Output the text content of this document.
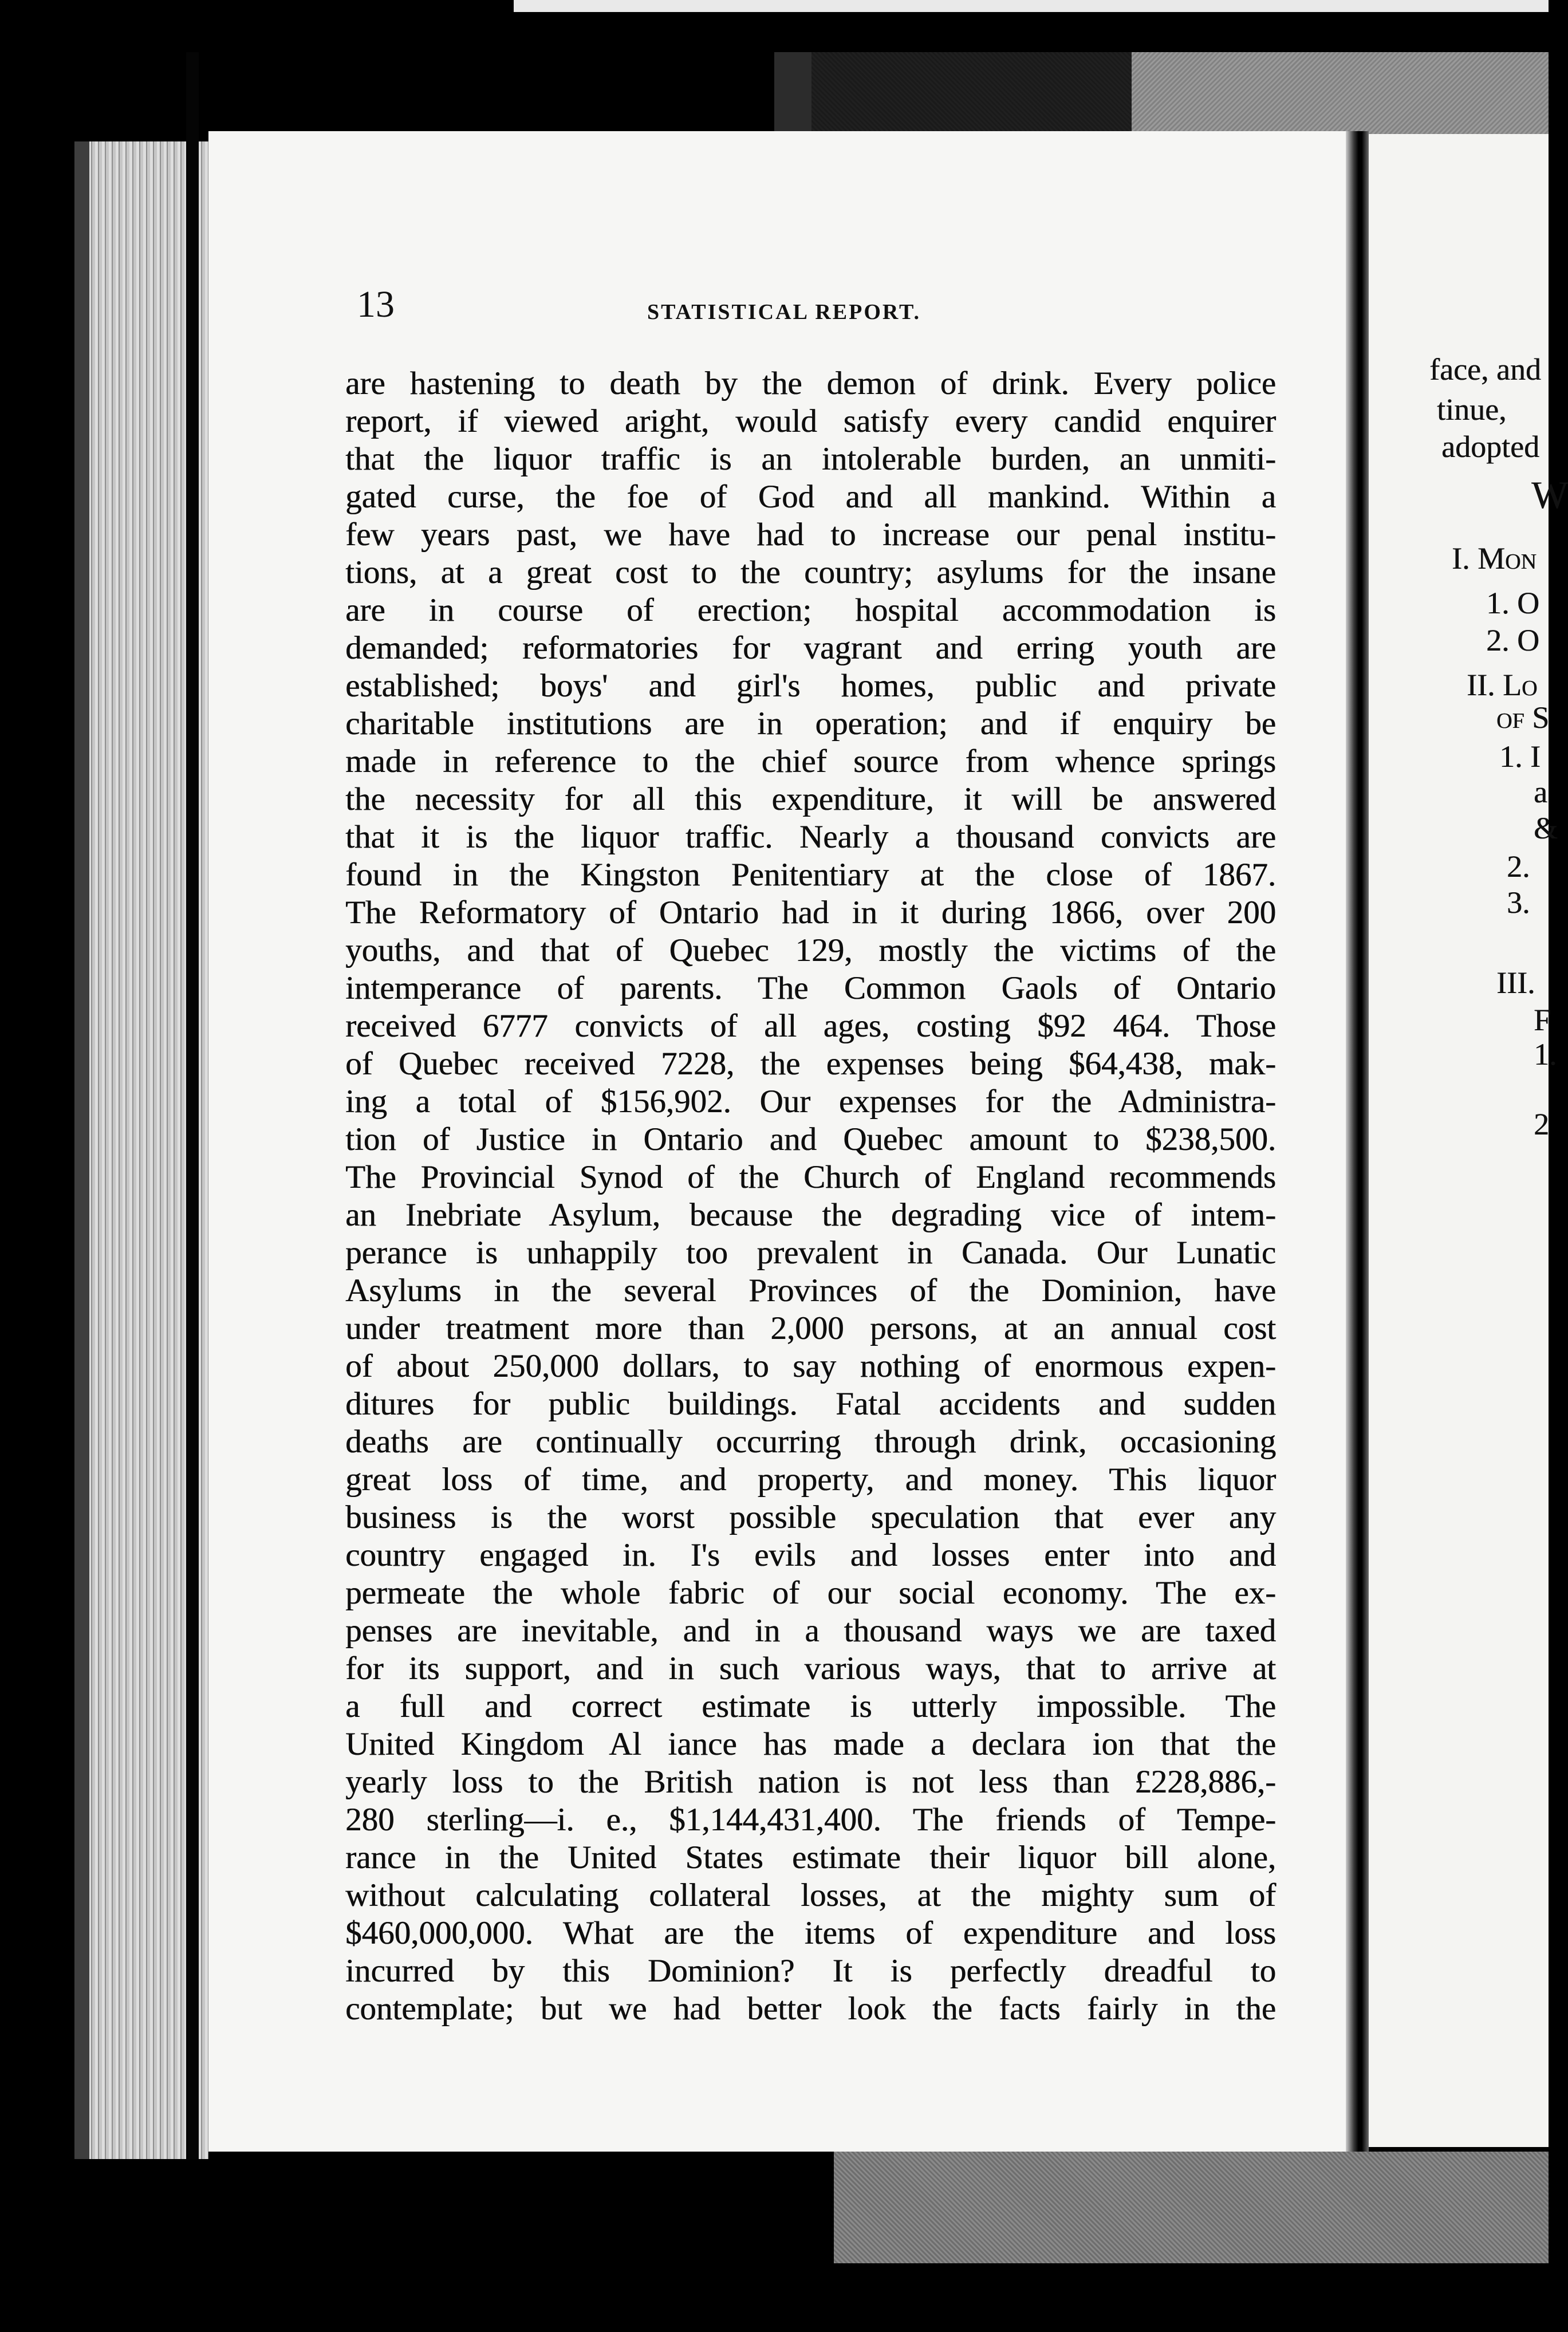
13	STATISTICAL REPORT.
are hastening to death by the demon of drink. Every police
report, if viewed aright, would satisfy every candid enquirer
that the liquor traffic is an intolerable burden, an unmiti-
gated curse, the foe of God and all mankind. Within a
few years past, we have had to increase our penal institu-
tions, at a great cost to the country; asylums for the insane
are in course of erection; hospital accommodation is
demanded; reformatories for vagrant and erring youth are
established; boys' and girl's homes, public and private
charitable institutions are in operation; and if enquiry be
made in reference to the chief source from whence springs
the necessity for all this expenditure, it will be answered
that it is the liquor traffic. Nearly a thousand convicts are
found in the Kingston Penitentiary at the close of 1867.
The Reformatory of Ontario had in it during 1866, over 200
youths, and that of Quebec 129, mostly the victims of the
intemperance of parents. The Common Gaols of Ontario
received 6777 convicts of all ages, costing $92 464. Those
of Quebec received 7228, the expenses being $64,438, mak-
ing a total of $156,902. Our expenses for the Administra-
tion of Justice in Ontario and Quebec amount to $238,500.
The Provincial Synod of the Church of England recommends
an Inebriate Asylum, because the degrading vice of intem-
perance is unhappily too prevalent in Canada. Our Lunatic
Asylums in the several Provinces of the Dominion, have
under treatment more than 2,000 persons, at an annual cost
of about 250,000 dollars, to say nothing of enormous expen-
ditures for public buildings. Fatal accidents and sudden
deaths are continually occurring through drink, occasioning
great loss of time, and property, and money. This liquor
business is the worst possible speculation that ever any
country engaged in. I's evils and losses enter into and
permeate the whole fabric of our social economy. The ex-
penses are inevitable, and in a thousand ways we are taxed
for its support, and in such various ways, that to arrive at
a full and correct estimate is utterly impossible. The
United Kingdom Al iance has made a declara ion that the
yearly loss to the British nation is not less than £228,886,-
280 sterling—i. e., $1,144,431,400. The friends of Tempe-
rance in the United States estimate their liquor bill alone,
without calculating collateral losses, at the mighty sum of
$460,000,000. What are the items of expenditure and loss
incurred by this Dominion? It is perfectly dreadful to
contemplate; but we had better look the facts fairly in the
face, and
tinue,
adopted
W
I. Mon
1. O
2. O
II. Lo
of S
1. I
a
&
2.
3.
III.
F
1.
2
